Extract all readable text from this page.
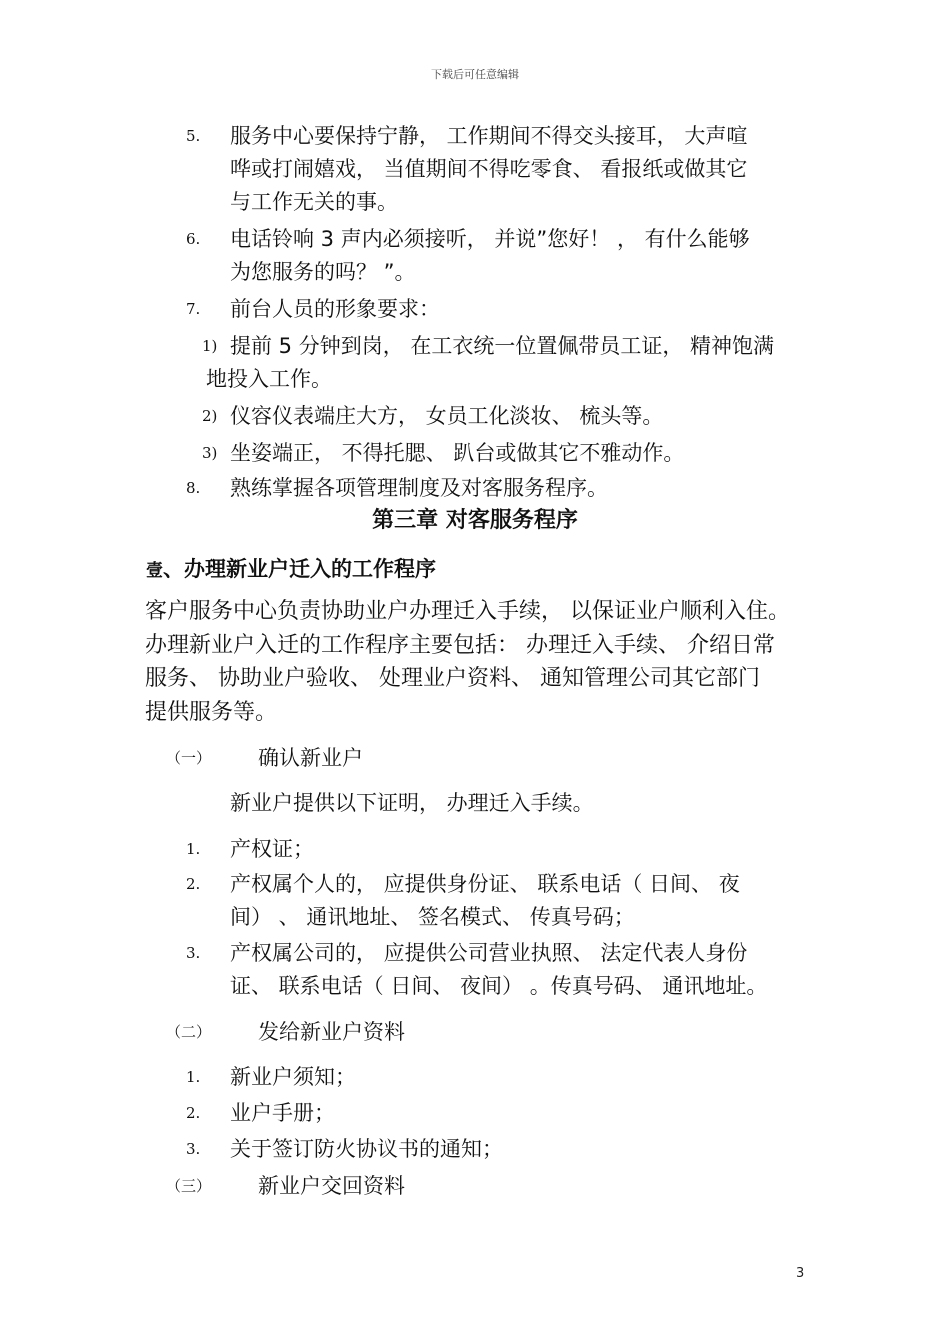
下载后可任意编辑
5. 服务中心要保持宁静， 工作期间不得交头接耳， 大声喧
哗或打闹嬉戏， 当值期间不得吃零食、 看报纸或做其它
与工作无关的事。
6. 电话铃响 3 声内必须接听， 并说”您好！ ， 有什么能够
为您服务的吗？ ”。
7. 前台人员的形象要求：
1) 提前 5 分钟到岗， 在工衣统一位置佩带员工证， 精神饱满
地投入工作。
2) 仪容仪表端庄大方， 女员工化淡妆、 梳头等。
3) 坐姿端正， 不得托腮、 趴台或做其它不雅动作。
8. 熟练掌握各项管理制度及对客服务程序。
第三章 对客服务程序
壹、办理新业户迁入的工作程序
客户服务中心负责协助业户办理迁入手续， 以保证业户顺利入住。
办理新业户入迁的工作程序主要包括： 办理迁入手续、 介绍日常
服务、 协助业户验收、 处理业户资料、 通知管理公司其它部门
提供服务等。
（一） 确认新业户
新业户提供以下证明， 办理迁入手续。
1. 产权证；
2. 产权属个人的， 应提供身份证、 联系电话（ 日间、 夜
间） 、 通讯地址、 签名模式、 传真号码；
3. 产权属公司的， 应提供公司营业执照、 法定代表人身份
证、 联系电话（ 日间、 夜间） 。传真号码、 通讯地址。
（二） 发给新业户资料
1. 新业户须知；
2. 业户手册；
3. 关于签订防火协议书的通知；
（三） 新业户交回资料
3
